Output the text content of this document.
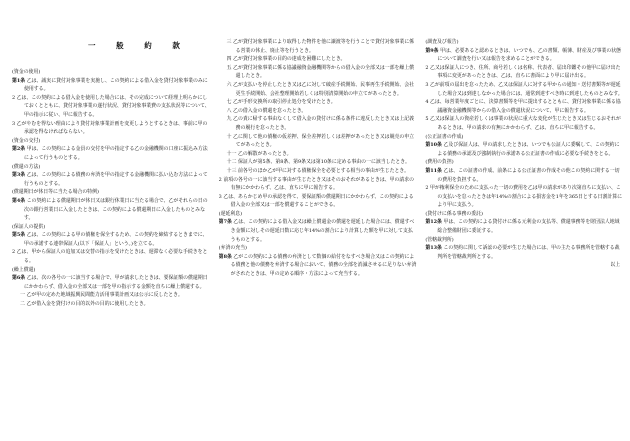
一 般 約 款

(資金の使用)

第1条 乙は、誠実に貸付対象事業を実施し、この契約による借入金を貸付対象事業のみに使用する。

2 乙は、この契約による借入金を使用した場合には、その完成について経理上明らかにしておくとともに、貸付対象事業の遂行状況、貸付対象事業費の支払状況等について、甲の指示に従い、甲に報告する。

3 乙がやむを得ない理由により貸付対象事業計画を変更しようとするときは、事前に甲の承認を得なければならない。

(資金の交付)

第2条 甲は、この契約による金員の交付を甲の指定する乙の金融機関の口座に振込み方法によって行うものとする。

(償還の方法)

第3条 乙は、この契約による債務の弁済を甲の指定する金融機関に払い込む方法によって行うものとする。

(償還期日が休日等に当たる場合の特例)

第4条 この契約による償還期日が休日又は銀行休業日に当たる場合で、乙がそれらの日の次の銀行営業日に入金したときは、この契約による償還期日に入金したものとみなす。

(保証人の提供)

第5条 乙は、この契約による甲の債権を保全するため、この契約を締結するときまでに、甲の承諾する連帯保証人(以下「保証人」という。)を立てる。

2 乙は、甲から保証人の追加又は交替の指示を受けたときは、遅滞なく必要な手続きをとる。

(繰上償還)

第6条 乙は、次の各号の一に該当する場合で、甲が請求したときは、要保証額の償還期日にかかわらず、借入金の全部又は一部を甲の指示する金額を直ちに繰上償還する。

一 乙が甲の定めた地域振興民間能力活用事業計画又は公示に反したとき。

二 乙が借入金を貸付けの目的以外の目的に使用したとき。

三 乙が貸付対象事業により取得した物件を他に譲渡等を行うことで貸付対象事業に係る営業の休止、廃止等を行うとき。

四 乙が貸付対象事業の目的の達成を困難にしたとき。

五 乙が貸付対象事業に係る協議融資金融機関等からの借入金の全部又は一部を繰上償還したとき。

六 乙が支払いを停止したとき又は乙に対して破産手続開始、民事再生手続開始、会社更生手続開始、会社整理開始若しくは特別清算開始の申立てがあったとき。

七 乙が手形交換所の取引停止処分を受けたとき。

八 乙の借入金の償還を怠ったとき。

九 乙の責に帰する事由なくして借入金の貸付けに係る条件に違反したとき又は上記義務の履行を怠ったとき。

十 乙に関して他の債権の仮差押、保全差押若しくは差押があったとき又は競売の申立てがあったとき。

十一 乙の解散があったとき。

十二 保証人が第5条、第8条、第9条又は第10条に定める事由の一に該当したとき。

十三 前各号のほか乙が甲に対する債権保全を必要とする相当の事由が生じたとき。

2 前項の各号の一に該当する事由が生じたとき又はそのおそれがあるときは、甲の請求の有無にかかわらず、乙は、直ちに甲に報告する。

3 乙は、あらかじめ甲の承認を得て、要保証額の償還期日にかかわらず、この契約による借入金の全部又は一部を償還することができる。

(遅延利息)

第7条 乙は、この契約による借入金又は繰上償還金の償還を遅延した場合には、償還すべき金額に対しその遅延日数に応じ年14%の割合により計算した額を甲に対して支払うものとする。

(弁済の充当)

第8条 乙がこの契約による債務の弁済として数個の給付をなすべき場合又はこの契約による債務と他の債務を弁済する場合において、債務の全部を消滅させるに足りない弁済がされたときは、甲の定める順序・方法によって充当する。

(調査及び報告)

第9条 甲は、必要あると認めるときは、いつでも、乙の書類、帳簿、財産及び事業の状態について調査を行い又は報告を求めることができる。

2 乙又は保証人につき、住所、商号若しくは名称、代表者、届出印鑑その他甲に届け出た事項に変更があったときは、乙は、直ちに書面により甲に届け出る。

3 乙が前項の届出を怠ったため、乙又は保証人に対する甲からの通知・送付書類等が遅延した場合又は到達しなかった場合には、通常到達すべき時に到達したものとみなす。

4 乙は、毎営業年度ごとに、決算書類等を甲に提出するとともに、貸付対象事業に係る協議融資金融機関等からの借入金の償還状況について、甲に報告する。

5 乙又は保証人の資産若しくは事業の状況に重大な変化が生じたとき又は生じるおそれがあるときは、甲の請求の有無にかかわらず、乙は、直ちに甲に報告する。

(公正証書の作成)

第10条 乙及び保証人は、甲の請求したときは、いつでも公証人に委嘱して、この契約による債務の承認及び強制執行の承諾ある公正証書の作成に必要な手続きをとる。

(費用の負担)

第11条 乙は、この証書の作成、前条による公正証書の作成その他この契約に関する一切の費用を負担する。

2 甲が権利保全のために支払った一切の費用を乙は甲の請求があり次第直ちに支払い、この支払いを怠ったときは年14%の割合による損害金を1年を365日とする日割計算により甲に支払う。

(貸付けに係る事務の委託)

第12条 甲は、この契約による貸付けに係る元利金の支払等、償還事務等を財団法人地域総合整備財団に委託する。

(管轄裁判所)

第13条 この契約に関して訴訟の必要が生じた場合には、甲の主たる事務所を管轄する裁判所を管轄裁判所とする。

以上
